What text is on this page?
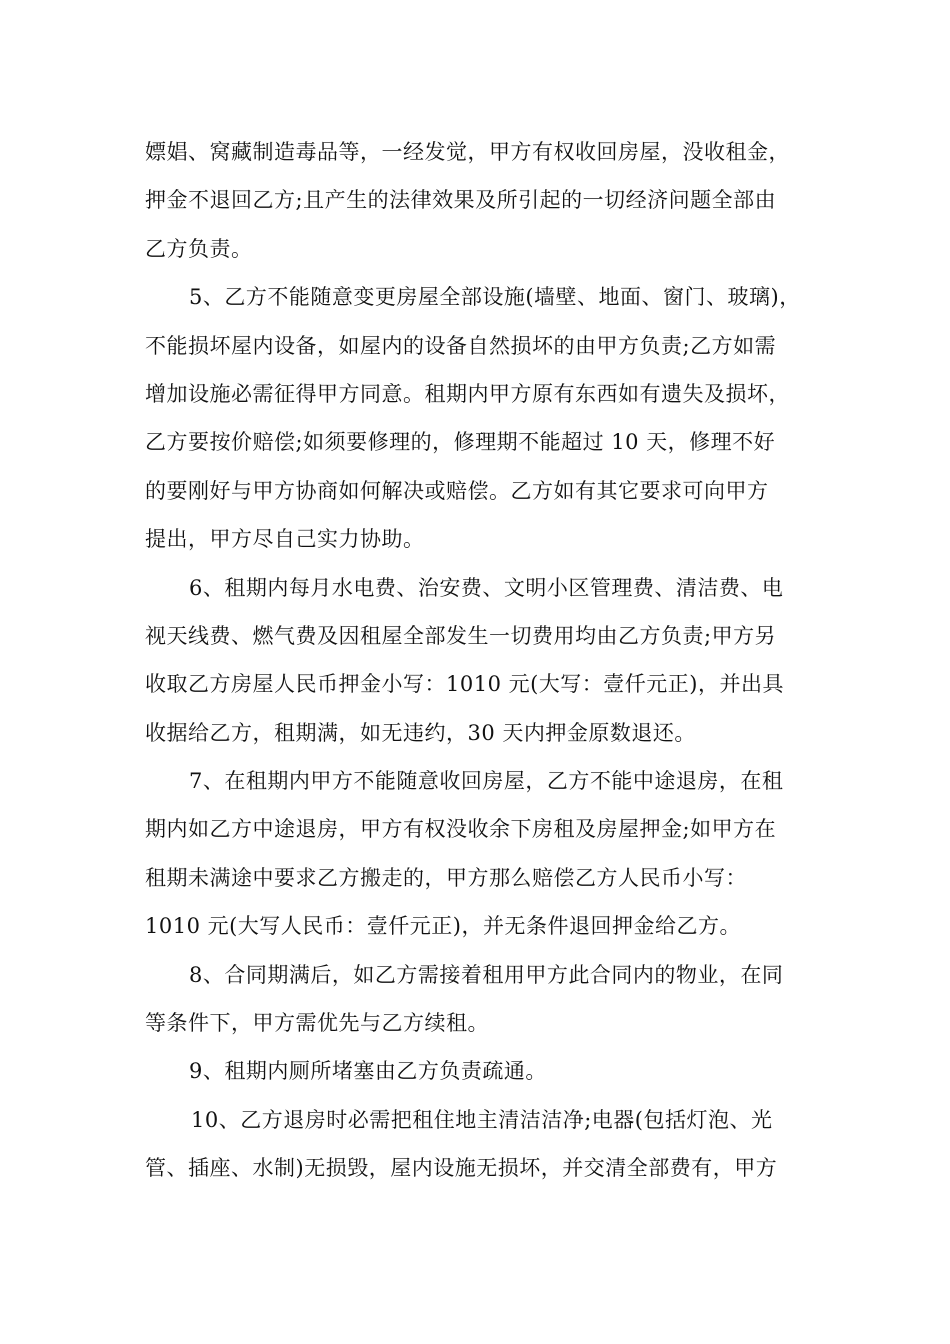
嫖娼、窝藏制造毒品等，一经发觉，甲方有权收回房屋，没收租金，
押金不退回乙方;且产生的法律效果及所引起的一切经济问题全部由
乙方负责。
5、乙方不能随意变更房屋全部设施(墙壁、地面、窗门、玻璃)，
不能损坏屋内设备，如屋内的设备自然损坏的由甲方负责;乙方如需
增加设施必需征得甲方同意。租期内甲方原有东西如有遗失及损坏，
乙方要按价赔偿;如须要修理的，修理期不能超过 10 天，修理不好
的要刚好与甲方协商如何解决或赔偿。乙方如有其它要求可向甲方
提出，甲方尽自己实力协助。
6、租期内每月水电费、治安费、文明小区管理费、清洁费、电
视天线费、燃气费及因租屋全部发生一切费用均由乙方负责;甲方另
收取乙方房屋人民币押金小写：1010 元(大写：壹仟元正)，并出具
收据给乙方，租期满，如无违约，30 天内押金原数退还。
7、在租期内甲方不能随意收回房屋，乙方不能中途退房，在租
期内如乙方中途退房，甲方有权没收余下房租及房屋押金;如甲方在
租期未满途中要求乙方搬走的，甲方那么赔偿乙方人民币小写：
1010 元(大写人民币：壹仟元正)，并无条件退回押金给乙方。
8、合同期满后，如乙方需接着租用甲方此合同内的物业，在同
等条件下，甲方需优先与乙方续租。
9、租期内厕所堵塞由乙方负责疏通。
10、乙方退房时必需把租住地主清洁洁净;电器(包括灯泡、光
管、插座、水制)无损毁，屋内设施无损坏，并交清全部费有，甲方
